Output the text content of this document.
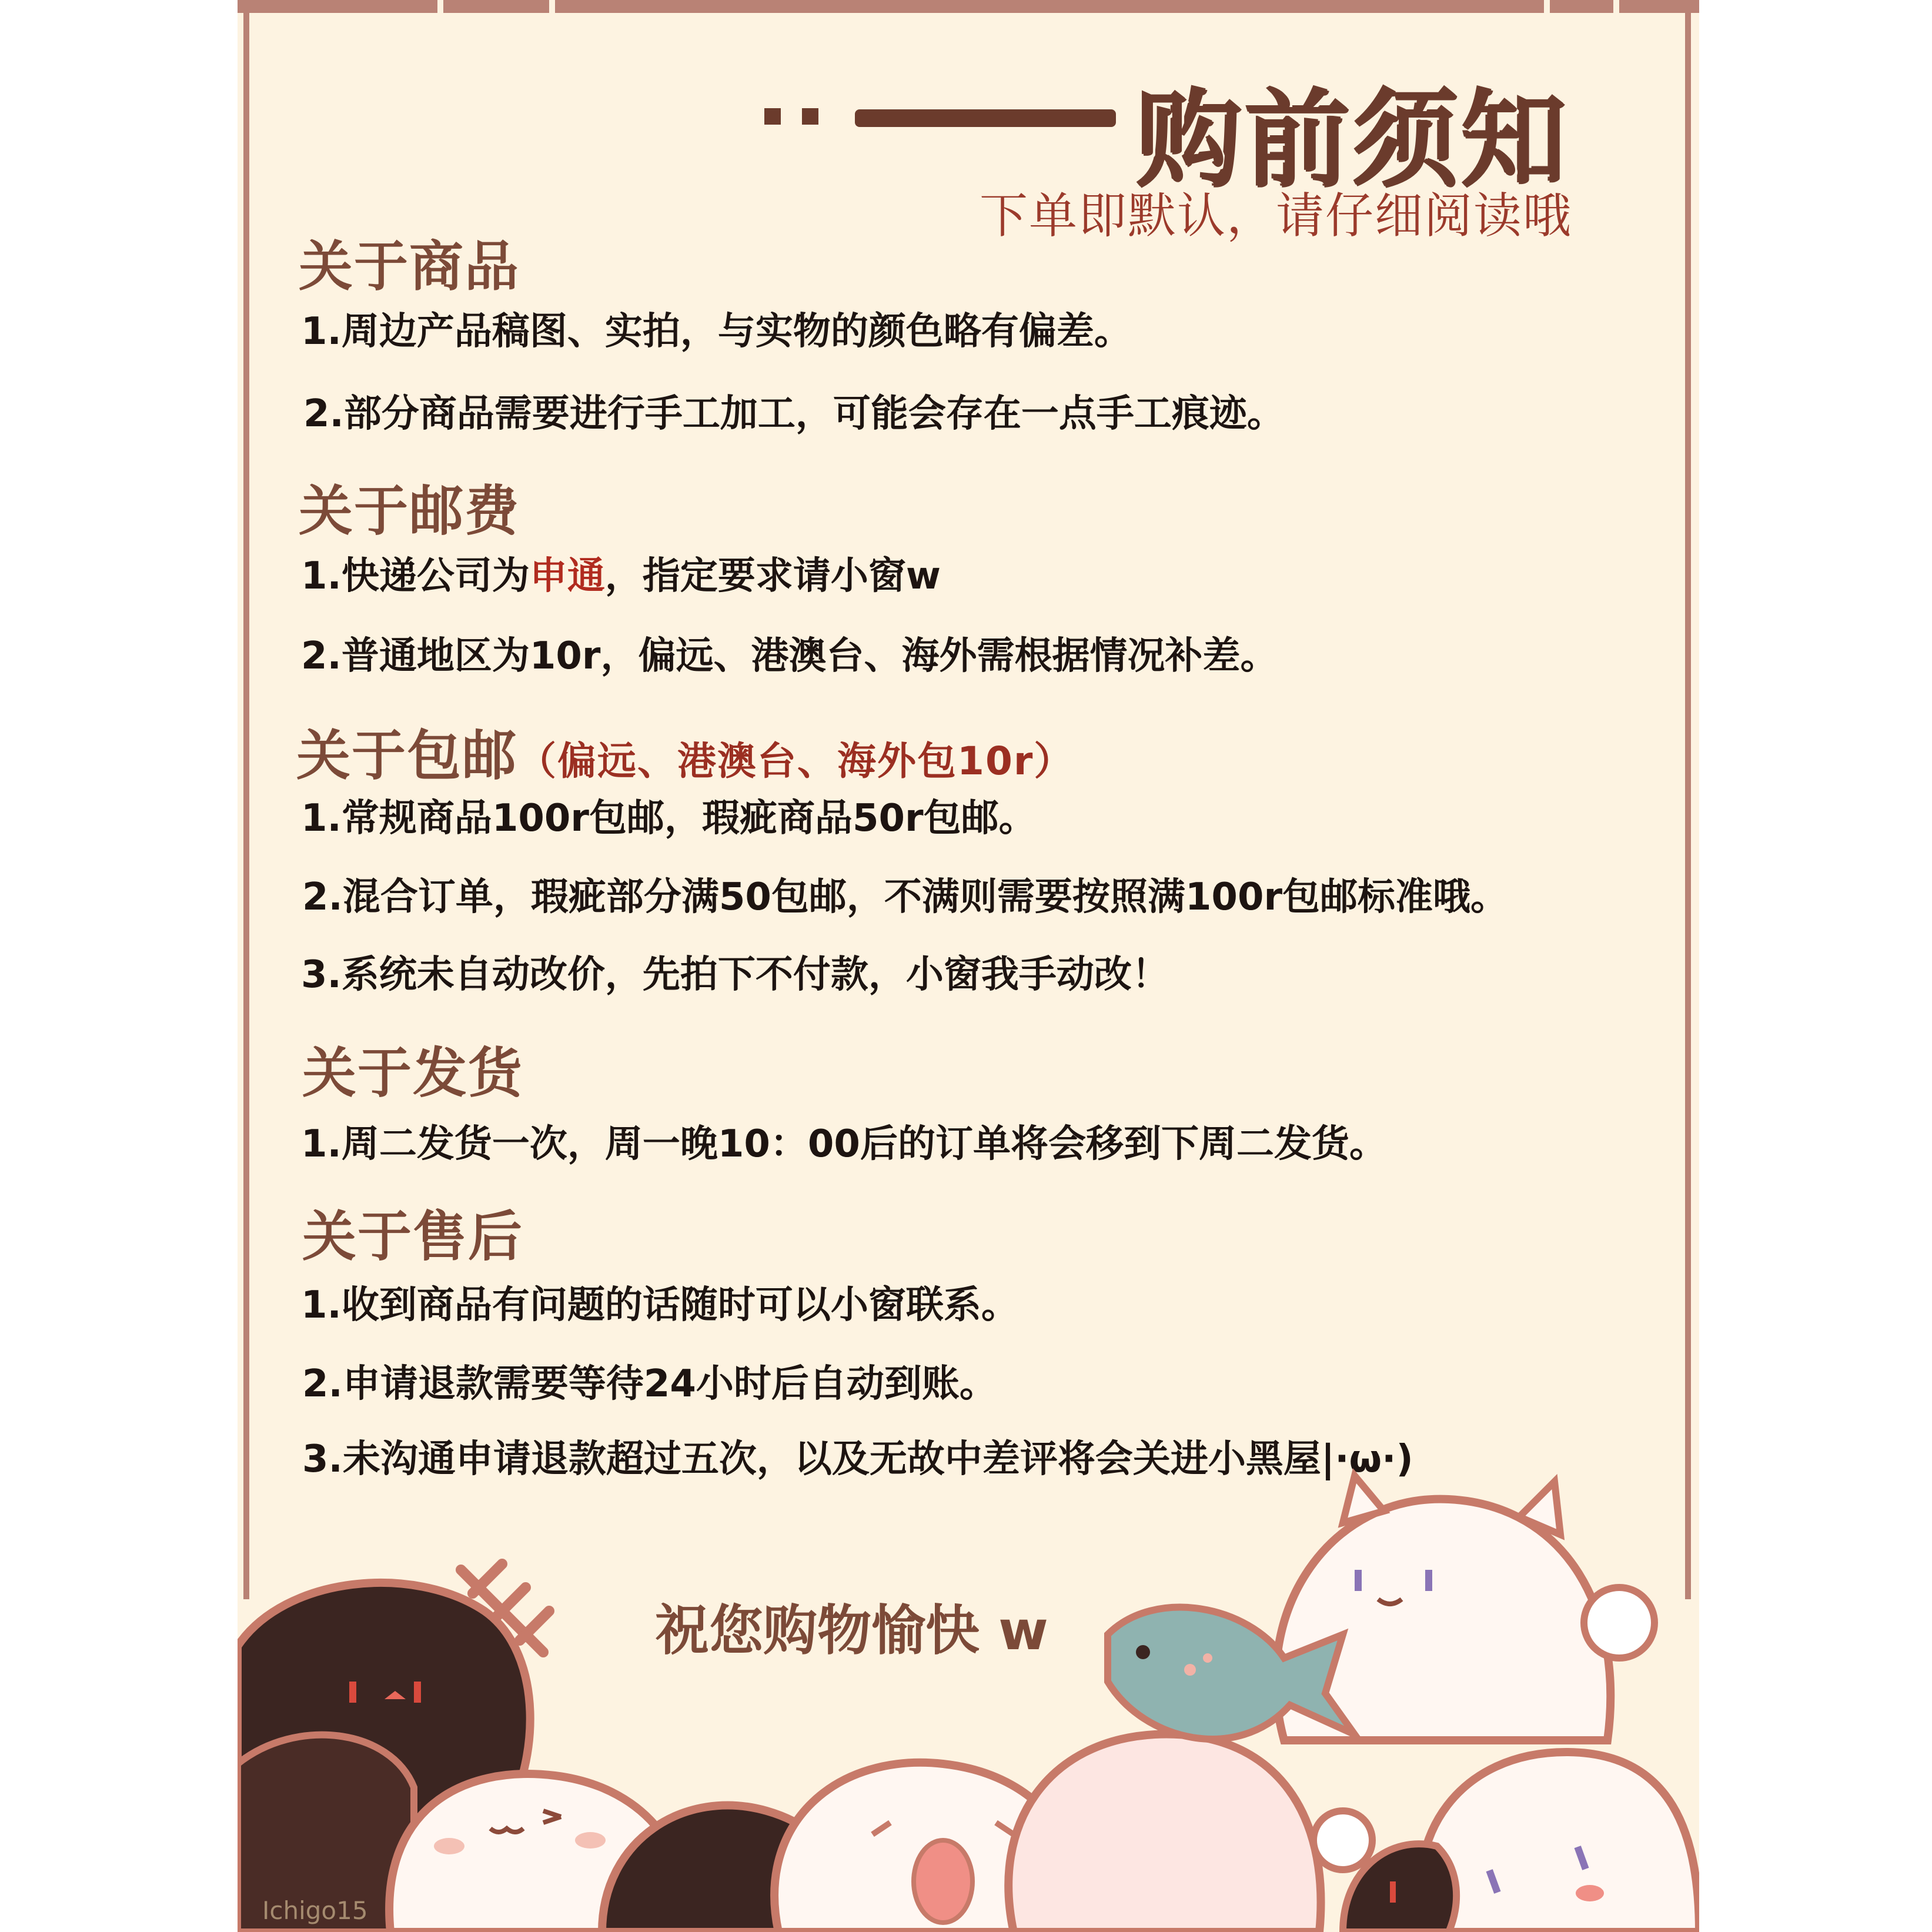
购前须知
下单即默认，请仔细阅读哦
关于商品
1.周边产品稿图、实拍，与实物的颜色略有偏差。
2.部分商品需要进行手工加工，可能会存在一点手工痕迹。
关于邮费
1.快递公司为申通，指定要求请小窗w
2.普通地区为10r，偏远、港澳台、海外需根据情况补差。
关于包邮（偏远、港澳台、海外包10r）
1.常规商品100r包邮，瑕疵商品50r包邮。
2.混合订单，瑕疵部分满50包邮，不满则需要按照满100r包邮标准哦。
3.系统未自动改价，先拍下不付款，小窗我手动改！
关于发货
1.周二发货一次，周一晚10：00后的订单将会移到下周二发货。
关于售后
1.收到商品有问题的话随时可以小窗联系。
2.申请退款需要等待24小时后自动到账。
3.未沟通申请退款超过五次，以及无故中差评将会关进小黑屋|·ω·)
祝您购物愉快 w
Ichigo15
